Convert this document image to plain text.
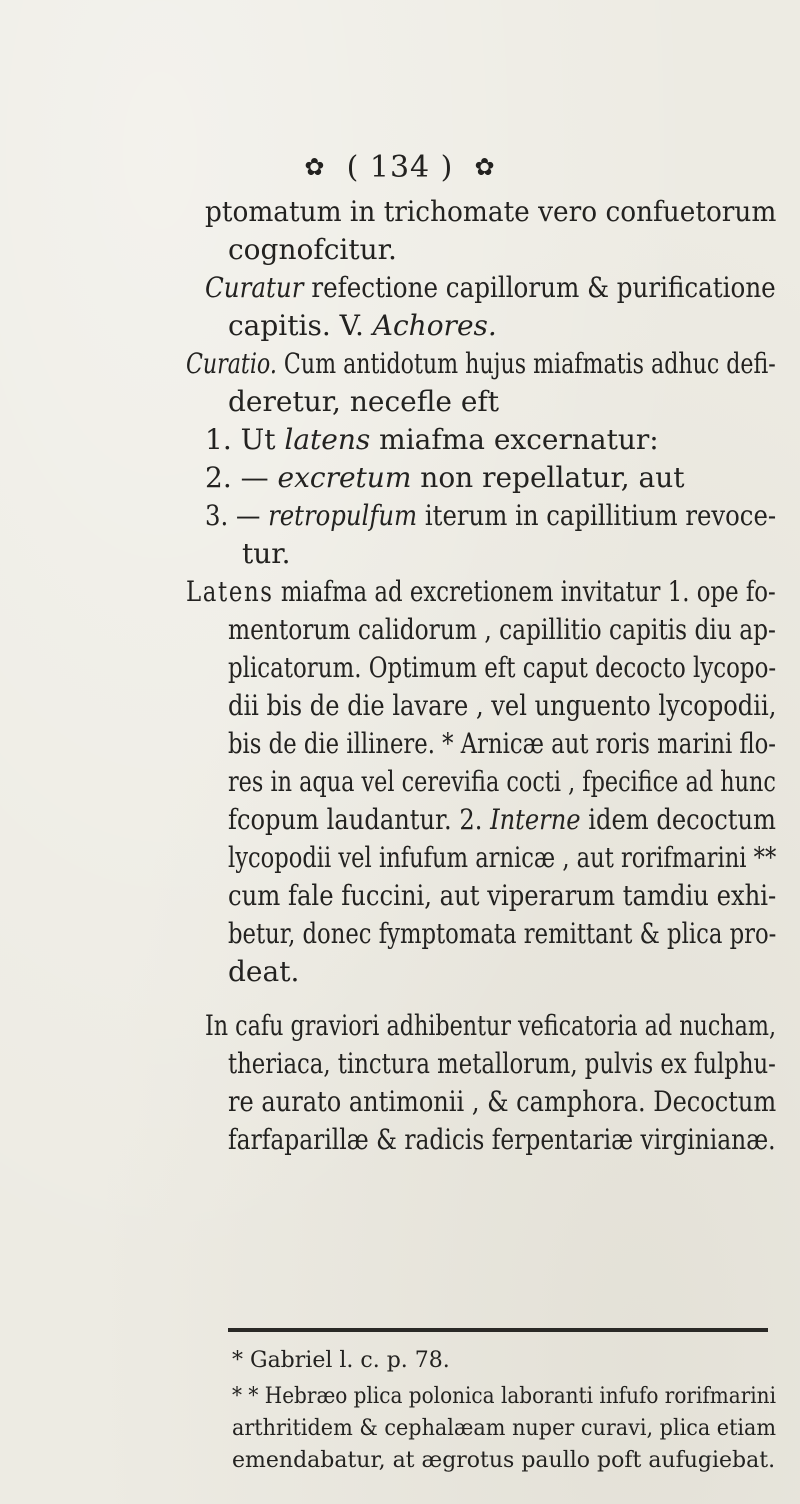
✿  ( 134 )  ✿
ptomatum in trichomate vero confuetorum
cognofcitur.
Curatur refectione capillorum & purificatione
capitis. V. Achores.
Curatio. Cum antidotum hujus miafmatis adhuc defi-
deretur, necefle eft
1. Ut latens miafma excernatur:
2. — excretum non repellatur, aut
3. — retropulfum iterum in capillitium revoce-
tur.
Latens miafma ad excretionem invitatur 1. ope fo-
mentorum calidorum , capillitio capitis diu ap-
plicatorum. Optimum eft caput decocto lycopo-
dii bis de die lavare , vel unguento lycopodii,
bis de die illinere. * Arnicæ aut roris marini flo-
res in aqua vel cerevifia cocti , fpecifice ad hunc
fcopum laudantur. 2. Interne idem decoctum
lycopodii vel infufum arnicæ , aut rorifmarini **
cum fale fuccini, aut viperarum tamdiu exhi-
betur, donec fymptomata remittant & plica pro-
deat.
In cafu graviori adhibentur veficatoria ad nucham,
theriaca, tinctura metallorum, pulvis ex fulphu-
re aurato antimonii , & camphora. Decoctum
farfaparillæ & radicis ferpentariæ virginianæ.
* Gabriel l. c. p. 78.
* * Hebræo plica polonica laboranti infufo rorifmarini
arthritidem & cephalæam nuper curavi, plica etiam
emendabatur, at ægrotus paullo poft aufugiebat.
